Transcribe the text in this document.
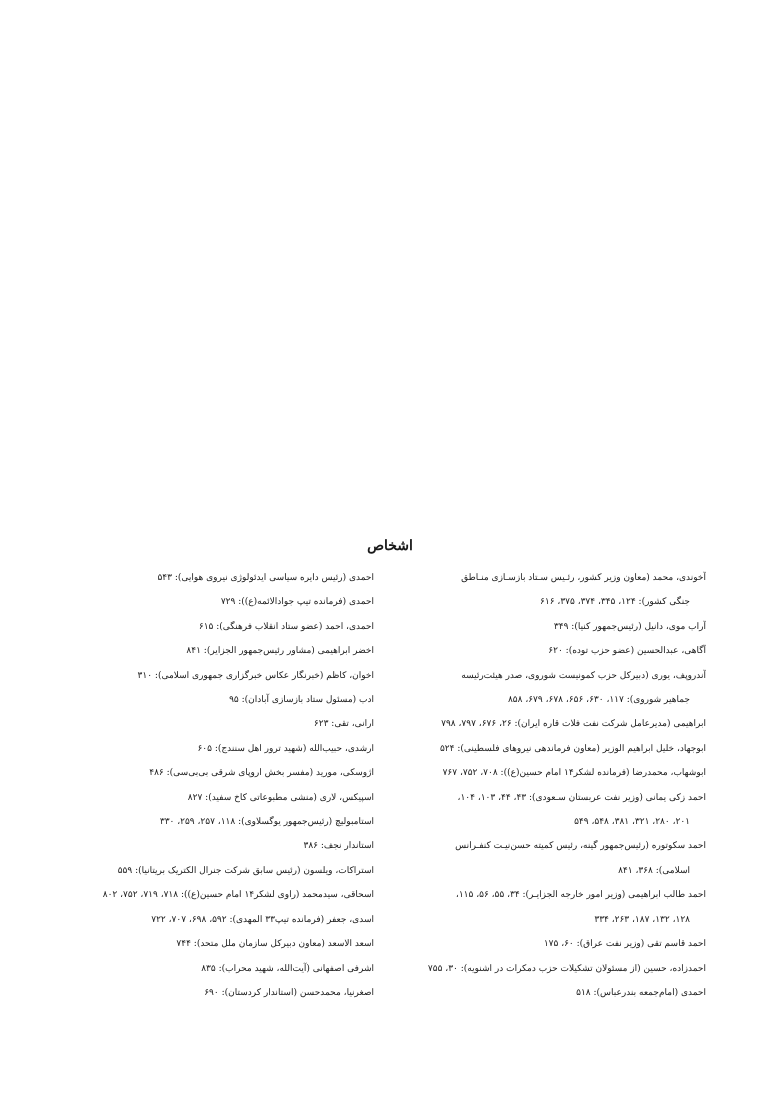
اشخاص
آخوندی، محمد (معاون وزیر کشور، رئـیس سـتاد بازسـازی منـاطق
جنگی کشور): ۱۲۴، ۳۴۵، ۳۷۴، ۳۷۵، ۶۱۶
آراب موی، دانیل (رئیس‌جمهور کنیا): ۳۴۹
آگاهی، عبدالحسین (عضو حزب توده): ۶۲۰
آندروپف، یوری (دبیرکل حزب کمونیست شوروی، صدر هیئت‌رئیسه
جماهیر شوروی): ۱۱۷، ۶۳۰، ۶۵۶، ۶۷۸، ۶۷۹، ۸۵۸
ابراهیمی (مدیرعامل شرکت نفت فلات قاره ایران): ۲۶، ۶۷۶، ۷۹۷، ۷۹۸
ابوجهاد، خلیل ابراهیم الوزیر (معاون فرماندهی نیروهای فلسطینی): ۵۲۴
ابوشهاب، محمدرضا (فرمانده لشکر۱۴ امام حسین(ع)): ۷۰۸، ۷۵۲، ۷۶۷
احمد زکی یمانی (وزیر نفت عربستان سـعودی): ۴۳، ۴۴، ۱۰۳، ۱۰۴،
۲۰۱، ۲۸۰، ۳۲۱، ۳۸۱، ۵۴۸، ۵۴۹
احمد سکوتوره (رئیس‌جمهور گینه، رئیس کمیته حسن‌نیـت کنفـرانس
اسلامی): ۳۶۸، ۸۴۱
احمد طالب ابراهیمی (وزیر امور خارجه الجزایـر): ۳۴، ۵۵، ۵۶، ۱۱۵،
۱۲۸، ۱۳۲، ۱۸۷، ۲۶۳، ۳۳۴
احمد قاسم تقی (وزیر نفت عراق): ۶۰، ۱۷۵
احمدزاده، حسین (از مسئولان تشکیلات حزب دمکرات در اشنویه): ۳۰، ۷۵۵
احمدی (امام‌جمعه بندرعباس): ۵۱۸
احمدی (رئیس دایره سیاسی ایدئولوژی نیروی هوایی): ۵۴۳
احمدی (فرمانده تیپ جوادالائمه(ع)): ۷۲۹
احمدی، احمد (عضو ستاد انقلاب فرهنگی): ۶۱۵
اخضر ابراهیمی (مشاور رئیس‌جمهور الجزایر): ۸۴۱
اخوان، کاظم (خبرنگار عکاس خبرگزاری جمهوری اسلامی): ۳۱۰
ادب (مسئول ستاد بازسازی آبادان): ۹۵
ارانی، تقی: ۶۲۳
ارشدی، حبیب‌الله (شهید ترور اهل سنندج): ۶۰۵
اژوسکی، مورید (مفسر بخش اروپای شرقی بی‌بی‌سی): ۴۸۶
اسپیکس، لاری (منشی مطبوعاتی کاخ سفید): ۸۲۷
استامبولیچ (رئیس‌جمهور یوگسلاوی): ۱۱۸، ۲۵۷، ۲۵۹، ۳۳۰
استاندار نجف: ۳۸۶
استراکات، ویلسون (رئیس سابق شرکت جنرال الکتریک بریتانیا): ۵۵۹
اسحاقی، سیدمحمد (راوی لشکر۱۴ امام حسین(ع)): ۷۱۸، ۷۱۹، ۷۵۲، ۸۰۲
اسدی، جعفر (فرمانده تیپ۳۳ المهدی): ۵۹۲، ۶۹۸، ۷۰۷، ۷۲۲
اسعد الاسعد (معاون دبیرکل سازمان ملل متحد): ۷۴۴
اشرفی اصفهانی (آیت‌الله، شهید محراب): ۸۳۵
اصغرنیا، محمدحسن (استاندار کردستان): ۶۹۰
